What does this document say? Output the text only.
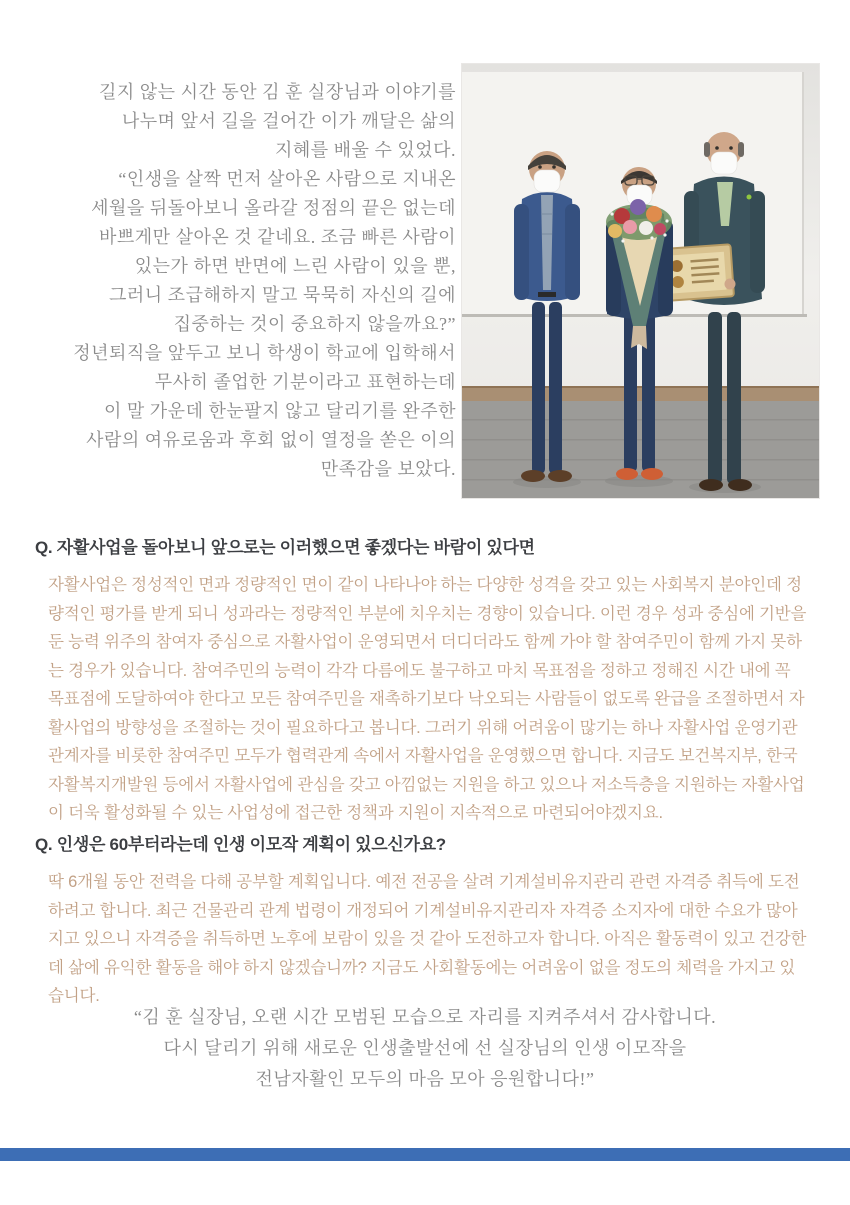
길지 않는 시간 동안 김 훈 실장님과 이야기를
나누며 앞서 길을 걸어간 이가 깨달은 삶의
지혜를 배울 수 있었다.
“인생을 살짝 먼저 살아온 사람으로 지내온
세월을 뒤돌아보니 올라갈 정점의 끝은 없는데
바쁘게만 살아온 것 같네요. 조금 빠른 사람이
있는가 하면 반면에 느린 사람이 있을 뿐,
그러니 조급해하지 말고 묵묵히 자신의 길에
집중하는 것이 중요하지 않을까요?”
정년퇴직을 앞두고 보니 학생이 학교에 입학해서
무사히 졸업한 기분이라고 표현하는데
이 말 가운데 한눈팔지 않고 달리기를 완주한
사람의 여유로움과 후회 없이 열정을 쏟은 이의
만족감을 보았다.
Q. 자활사업을 돌아보니 앞으로는 이러했으면 좋겠다는 바람이 있다면

자활사업은 정성적인 면과 정량적인 면이 같이 나타나야 하는 다양한 성격을 갖고 있는 사회복지 분야인데 정량적인 평가를 받게 되니 성과라는 정량적인 부분에 치우치는 경향이 있습니다. 이런 경우 성과 중심에 기반을 둔 능력 위주의 참여자 중심으로 자활사업이 운영되면서 더디더라도 함께 가야 할 참여주민이 함께 가지 못하는 경우가 있습니다. 참여주민의 능력이 각각 다름에도 불구하고 마치 목표점을 정하고 정해진 시간 내에 꼭 목표점에 도달하여야 한다고 모든 참여주민을 재촉하기보다 낙오되는 사람들이 없도록 완급을 조절하면서 자활사업의 방향성을 조절하는 것이 필요하다고 봅니다. 그러기 위해 어려움이 많기는 하나 자활사업 운영기관 관계자를 비롯한 참여주민 모두가 협력관계 속에서 자활사업을 운영했으면 합니다. 지금도 보건복지부, 한국자활복지개발원 등에서 자활사업에 관심을 갖고 아낌없는 지원을 하고 있으나 저소득층을 지원하는 자활사업이 더욱 활성화될 수 있는 사업성에 접근한 정책과 지원이 지속적으로 마련되어야겠지요.

Q. 인생은 60부터라는데 인생 이모작 계획이 있으신가요?

딱 6개월 동안 전력을 다해 공부할 계획입니다. 예전 전공을 살려 기계설비유지관리 관련 자격증 취득에 도전하려고 합니다. 최근 건물관리 관계 법령이 개정되어 기계설비유지관리자 자격증 소지자에 대한 수요가 많아지고 있으니 자격증을 취득하면 노후에 보람이 있을 것 같아 도전하고자 합니다. 아직은 활동력이 있고 건강한데 삶에 유익한 활동을 해야 하지 않겠습니까? 지금도 사회활동에는 어려움이 없을 정도의 체력을 가지고 있습니다.

“김 훈 실장님, 오랜 시간 모범된 모습으로 자리를 지켜주셔서 감사합니다.
다시 달리기 위해 새로운 인생출발선에 선 실장님의 인생 이모작을
전남자활인 모두의 마음 모아 응원합니다!”
